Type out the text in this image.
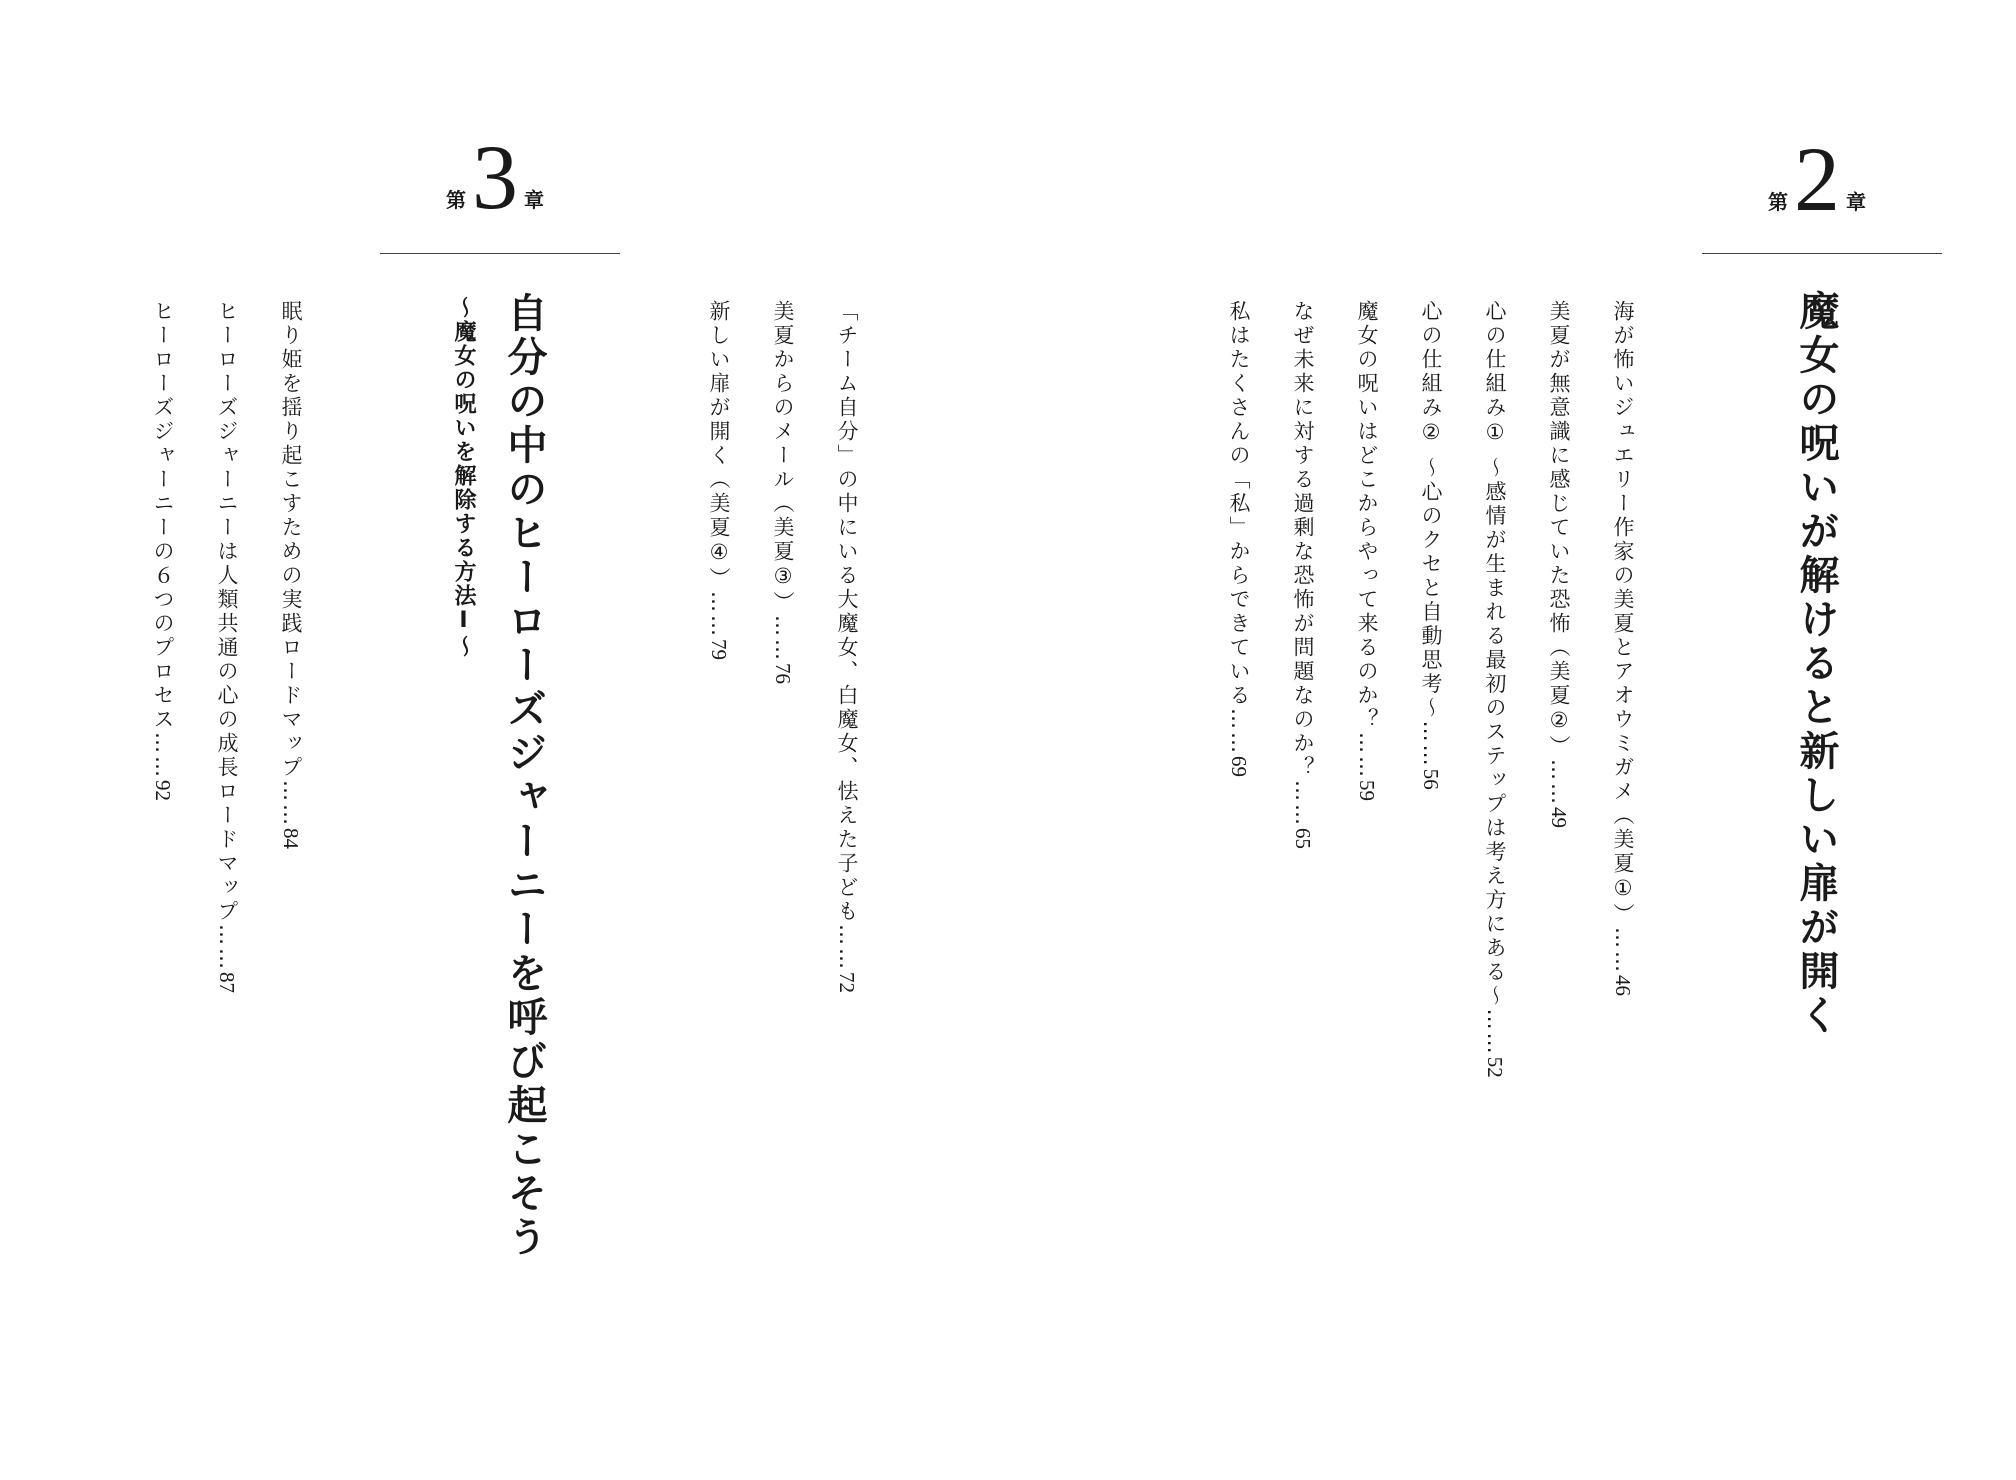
第 2 章
魔女の呪いが解けると新しい扉が開く
海が怖いジュエリー作家の美夏とアオウミガメ（美夏①）……46
美夏が無意識に感じていた恐怖（美夏②）……49
心の仕組み① ～感情が生まれる最初のステップは考え方にある～……52
心の仕組み② ～心のクセと自動思考～……56
魔女の呪いはどこからやって来るのか？……59
なぜ未来に対する過剰な恐怖が問題なのか？……65
私はたくさんの「私」からできている……69
「チーム自分」の中にいる大魔女、白魔女、怯えた子ども……72
美夏からのメール（美夏③）……76
新しい扉が開く（美夏④）……79
第 3 章
自分の中のヒーローズジャーニーを呼び起こそう
～魔女の呪いを解除する方法Ⅰ～
眠り姫を揺り起こすための実践ロードマップ……84
ヒーローズジャーニーは人類共通の心の成長ロードマップ……87
ヒーローズジャーニーの６つのプロセス……92
